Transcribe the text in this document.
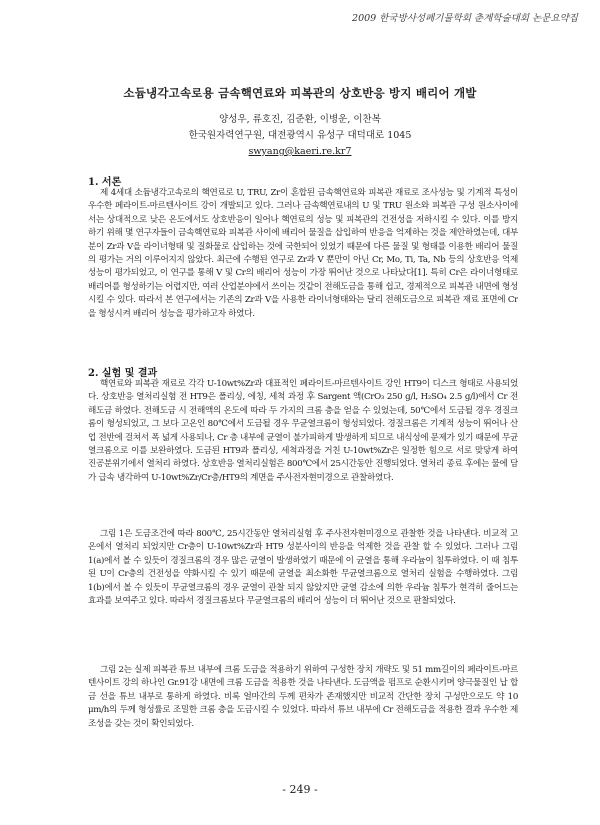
2009 한국방사성폐기물학회 춘계학술대회 논문요약집
소듐냉각고속로용 금속핵연료와 피복관의 상호반응 방지 배리어 개발
양성우, 류호진, 김준환, 이병운, 이찬복
한국원자력연구원, 대전광역시 유성구 대덕대로 1045
swyang@kaeri.re.kr7
1. 서론

제 4세대 소듐냉각고속로의 핵연료로 U, TRU, Zr이 혼합된 금속핵연료와 피복관 재료로 조사성능 및 기계적 특성이 우수한 페라이트-마르텐사이트 강이 개발되고 있다. 그러나 금속핵연료내의 U 및 TRU 원소와 피복관 구성 원소사이에서는 상대적으로 낮은 온도에서도 상호반응이 일어나 핵연료의 성능 및 피복관의 건전성을 저하시킬 수 있다. 이를 방지하기 위해 몇 연구자들이 금속핵연료와 피복관 사이에 배리어 물질을 삽입하여 반응을 억제하는 것을 제안하였는데, 대부분이 Zr과 V을 라이너형태 및 질화물로 삽입하는 것에 국한되어 있었기 때문에 다른 물질 및 형태를 이용한 배리어 물질의 평가는 거의 이루어지지 않았다. 최근에 수행된 연구로 Zr과 V 뿐만이 아닌 Cr, Mo, Ti, Ta, Nb 등의 상호반응 억제 성능이 평가되었고, 이 연구를 통해 V 및 Cr의 배리어 성능이 가장 뛰어난 것으로 나타났다[1]. 특히 Cr은 라이너형태로 배리어를 형성하기는 어렵지만, 여러 산업분야에서 쓰이는 것같이 전해도금을 통해 쉽고, 경제적으로 피복관 내면에 형성시킬 수 있다. 따라서 본 연구에서는 기존의 Zr과 V을 사용한 라이너형태와는 달리 전해도금으로 피복관 재료 표면에 Cr을 형성시켜 배리어 성능을 평가하고자 하였다.

2. 실험 및 결과

핵연료와 피복관 재료로 각각 U-10wt%Zr과 대표적인 페라이트-마르텐사이트 강인 HT9이 디스크 형태로 사용되었다. 상호반응 열처리실험 전 HT9은 폴리싱, 에칭, 세척 과정 후 Sargent 액(CrO₃ 250 g/l, H₂SO₄ 2.5 g/l)에서 Cr 전해도금 하였다. 전해도금 시 전해액의 온도에 따라 두 가지의 크롬 층을 얻을 수 있었는데, 50℃에서 도금될 경우 경질크롬이 형성되었고, 그 보다 고온인 80℃에서 도금될 경우 무균열크롬이 형성되었다. 경질크롬은 기계적 성능이 뛰어나 산업 전반에 걸쳐서 폭 넓게 사용되나, Cr 층 내부에 균열이 불가피하게 발생하게 되므로 내식성에 문제가 있기 때문에 무균열크롬으로 이를 보완하였다. 도금된 HT9과 폴리싱, 세척과정을 거친 U-10wt%Zr은 일정한 힘으로 서로 맞닿게 하여 진공분위기에서 열처리 하였다. 상호반응 열처리실험은 800℃에서 25시간동안 진행되었다. 열처리 종료 후에는 물에 담가 급속 냉각하여 U-10wt%Zr/Cr층/HT9의 계면을 주사전자현미경으로 관찰하였다.

그림 1은 도금조건에 따라 800℃, 25시간동안 열처리실험 후 주사전자현미경으로 관찰한 것을 나타낸다. 비교적 고온에서 열처리 되었지만 Cr층이 U-10wt%Zr과 HT9 성분사이의 반응을 억제한 것을 관찰 할 수 있었다. 그러나 그림 1(a)에서 볼 수 있듯이 경질크롬의 경우 많은 균열이 발생하였기 때문에 이 균열을 통해 우라늄이 침투하였다. 이 때 침투된 U이 Cr층의 건전성을 약화시킬 수 있기 때문에 균열을 최소화한 무균열크롬으로 열처리 실험을 수행하였다. 그림 1(b)에서 볼 수 있듯이 무균열크롬의 경우 균열이 관찰 되지 않았지만 균열 감소에 의한 우라늄 침투가 현격히 줄어드는 효과를 보여주고 있다. 따라서 경질크롬보다 무균열크롬의 배리어 성능이 더 뛰어난 것으로 판찰되었다.

그림 2는 실제 피복관 튜브 내부에 크롬 도금을 적용하기 위하여 구성한 장치 개략도 및 51 mm길이의 페라이트-마르텐사이트 강의 하나인 Gr.91강 내면에 크롬 도금을 적용한 것을 나타낸다. 도금액을 펌프로 순환시키며 양극물질인 납 합금 선을 튜브 내부로 통하게 하였다. 비록 얼마간의 두께 편차가 존재했지만 비교적 간단한 장치 구성만으로도 약 10 μm/h의 두께 형성률로 조밀한 크롬 층을 도금시킬 수 있었다. 따라서 튜브 내부에 Cr 전해도금을 적용한 결과 우수한 제조성을 갖는 것이 확인되었다.

- 249 -
